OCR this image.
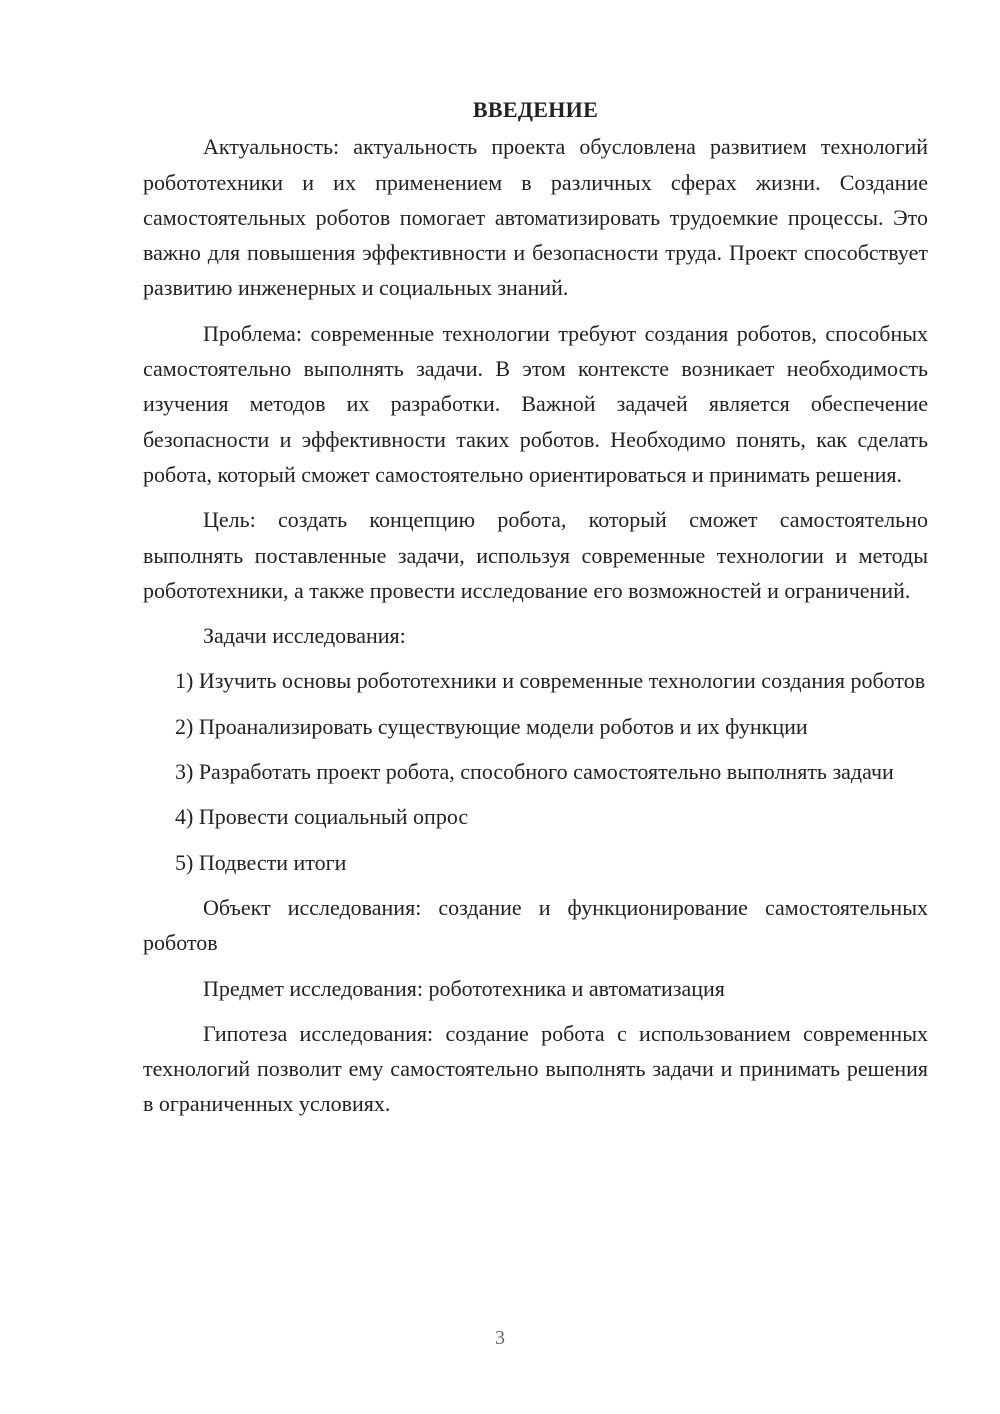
ВВЕДЕНИЕ

Актуальность: актуальность проекта обусловлена развитием технологий робототехники и их применением в различных сферах жизни. Создание самостоятельных роботов помогает автоматизировать трудоемкие процессы. Это важно для повышения эффективности и безопасности труда. Проект способствует развитию инженерных и социальных знаний.

Проблема: современные технологии требуют создания роботов, способных самостоятельно выполнять задачи. В этом контексте возникает необходимость изучения методов их разработки. Важной задачей является обеспечение безопасности и эффективности таких роботов. Необходимо понять, как сделать робота, который сможет самостоятельно ориентироваться и принимать решения.

Цель: создать концепцию робота, который сможет самостоятельно выполнять поставленные задачи, используя современные технологии и методы робототехники, а также провести исследование его возможностей и ограничений.

Задачи исследования:

1) Изучить основы робототехники и современные технологии создания роботов

2) Проанализировать существующие модели роботов и их функции

3) Разработать проект робота, способного самостоятельно выполнять задачи

4) Провести социальный опрос

5) Подвести итоги

Объект исследования: создание и функционирование самостоятельных роботов

Предмет исследования: робототехника и автоматизация

Гипотеза исследования: создание робота с использованием современных технологий позволит ему самостоятельно выполнять задачи и принимать решения в ограниченных условиях.

3
